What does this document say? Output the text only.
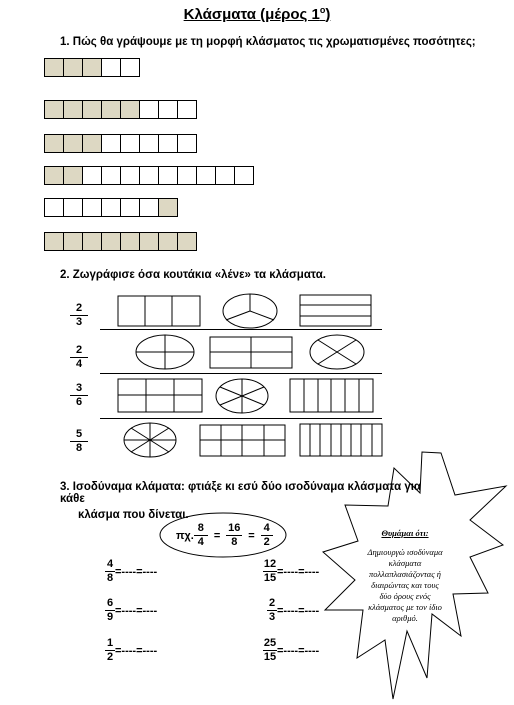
Κλάσματα (μέρος $1^o$)
1. Πώς θα γράψουμε με τη μορφή κλάσματος τις χρωματισμένες ποσότητες;
2. Ζωγράφισε όσα κουτάκια «λένε» τα κλάσματα.
$\frac{2}{3}$
$\frac{2}{4}$
$\frac{3}{6}$
$\frac{5}{8}$
3. Ισοδύναμα κλάματα: φτιάξε κι εσύ δύο ισοδύναμα κλάσματα για κάθε
κλάσμα που δίνεται.
πχ. $\frac{8}{4} = \frac{16}{8} = \frac{4}{2}$
$\frac{4}{8}$ =----=----	$\frac{12}{15}$ =----=----
$\frac{6}{9}$ =----=----	$\frac{2}{3}$ =----=----
$\frac{1}{2}$ =----=----	$\frac{25}{15}$ =----=----
Θυμάμαι ότι:
Δημιουργώ ισοδύναμα
κλάσματα
πολλαπλασιάζοντας ή
διαιρώντας και τους
δύο όρους ενός
κλάσματος με τον ίδιο
αριθμό.
